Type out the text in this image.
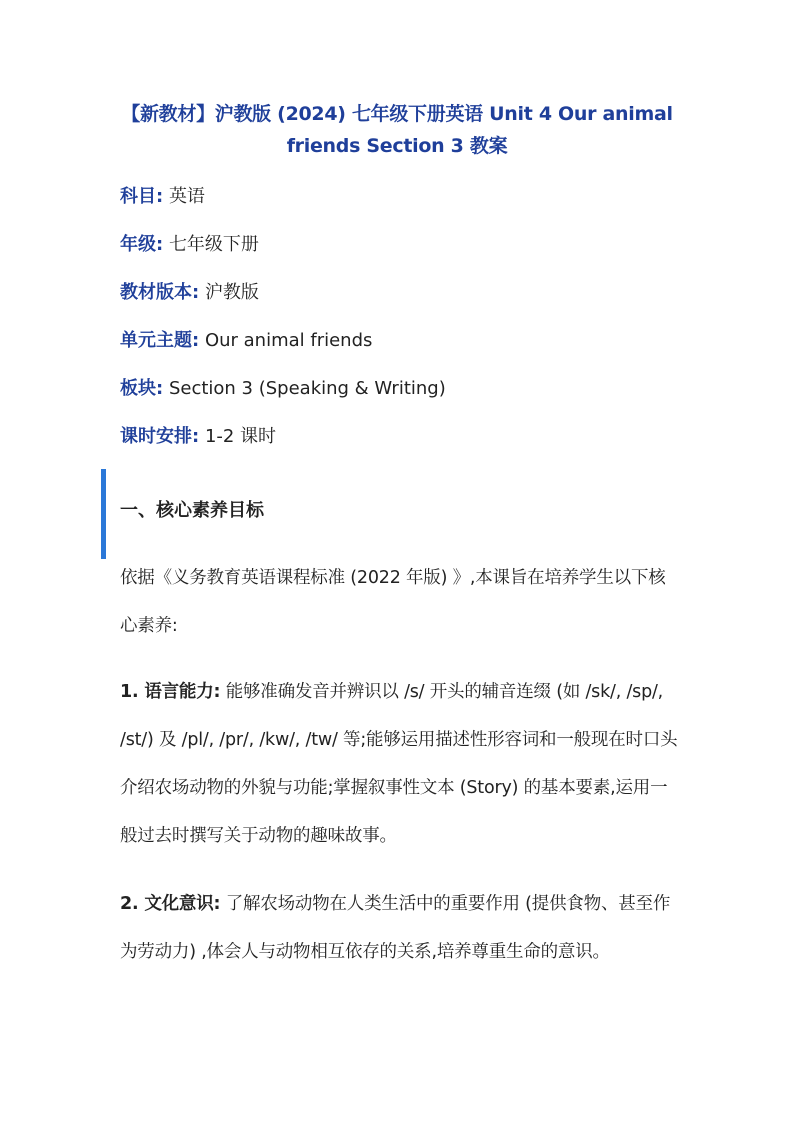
【新教材】沪教版 (2024) 七年级下册英语 Unit 4 Our animal friends Section 3 教案
科目: 英语
年级: 七年级下册
教材版本: 沪教版
单元主题: Our animal friends
板块: Section 3 (Speaking & Writing)
课时安排: 1-2 课时
一、核心素养目标

依据《义务教育英语课程标准 (2022 年版) 》,本课旨在培养学生以下核心素养:

1. 语言能力: 能够准确发音并辨识以 /s/ 开头的辅音连缀 (如 /sk/, /sp/, /st/) 及 /pl/, /pr/, /kw/, /tw/ 等;能够运用描述性形容词和一般现在时口头介绍农场动物的外貌与功能;掌握叙事性文本 (Story) 的基本要素,运用一般过去时撰写关于动物的趣味故事。

2. 文化意识: 了解农场动物在人类生活中的重要作用 (提供食物、甚至作为劳动力) ,体会人与动物相互依存的关系,培养尊重生命的意识。
